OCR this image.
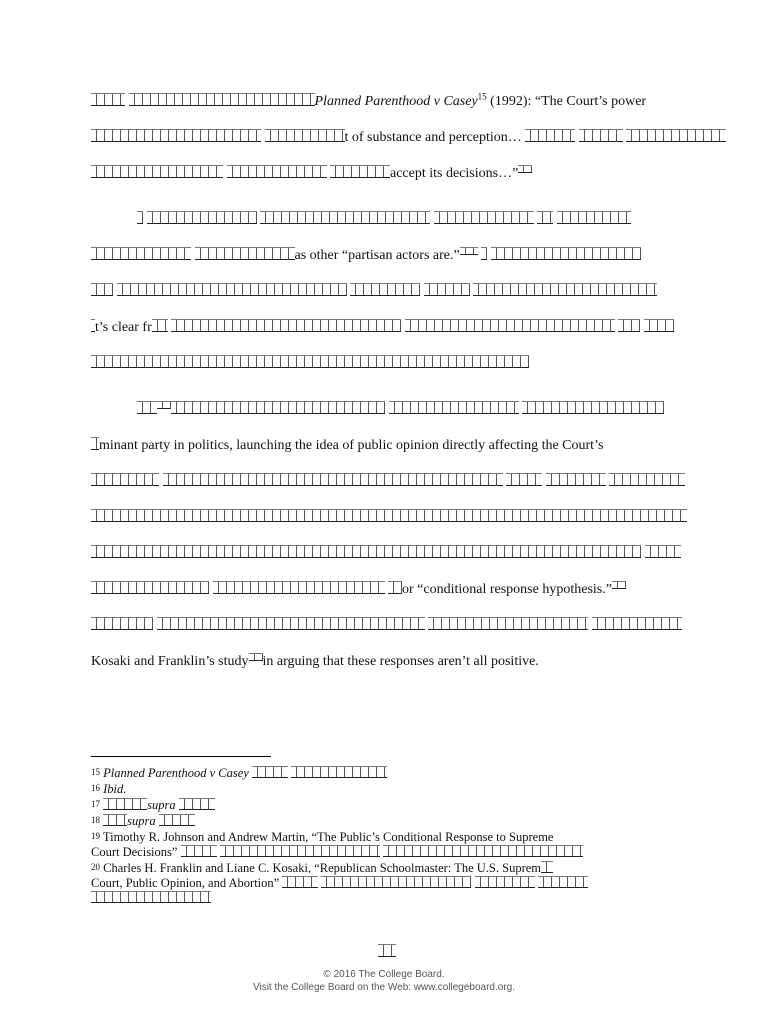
Planned Parenthood v Casey$^{15}$ (1992): “The Court’s power
t of substance and perception…
accept its decisions…”

as other “partisan actors are.”

t’s clear fr

minant party in politics, launching the idea of public opinion directly affecting the Court’s

or “conditional response hypothesis.”

Kosaki and Franklin’s study in arguing that these responses aren’t all positive.
15 Planned Parenthood v Casey
16 Ibid.
17	supra
18 supra
19 Timothy R. Johnson and Andrew Martin, “The Public’s Conditional Response to Supreme
Court Decisions”
20 Charles H. Franklin and Liane C. Kosaki, “Republican Schoolmaster: The U.S. Suprem
Court, Public Opinion, and Abortion”

© 2016 The College Board.
Visit the College Board on the Web: www.collegeboard.org.
